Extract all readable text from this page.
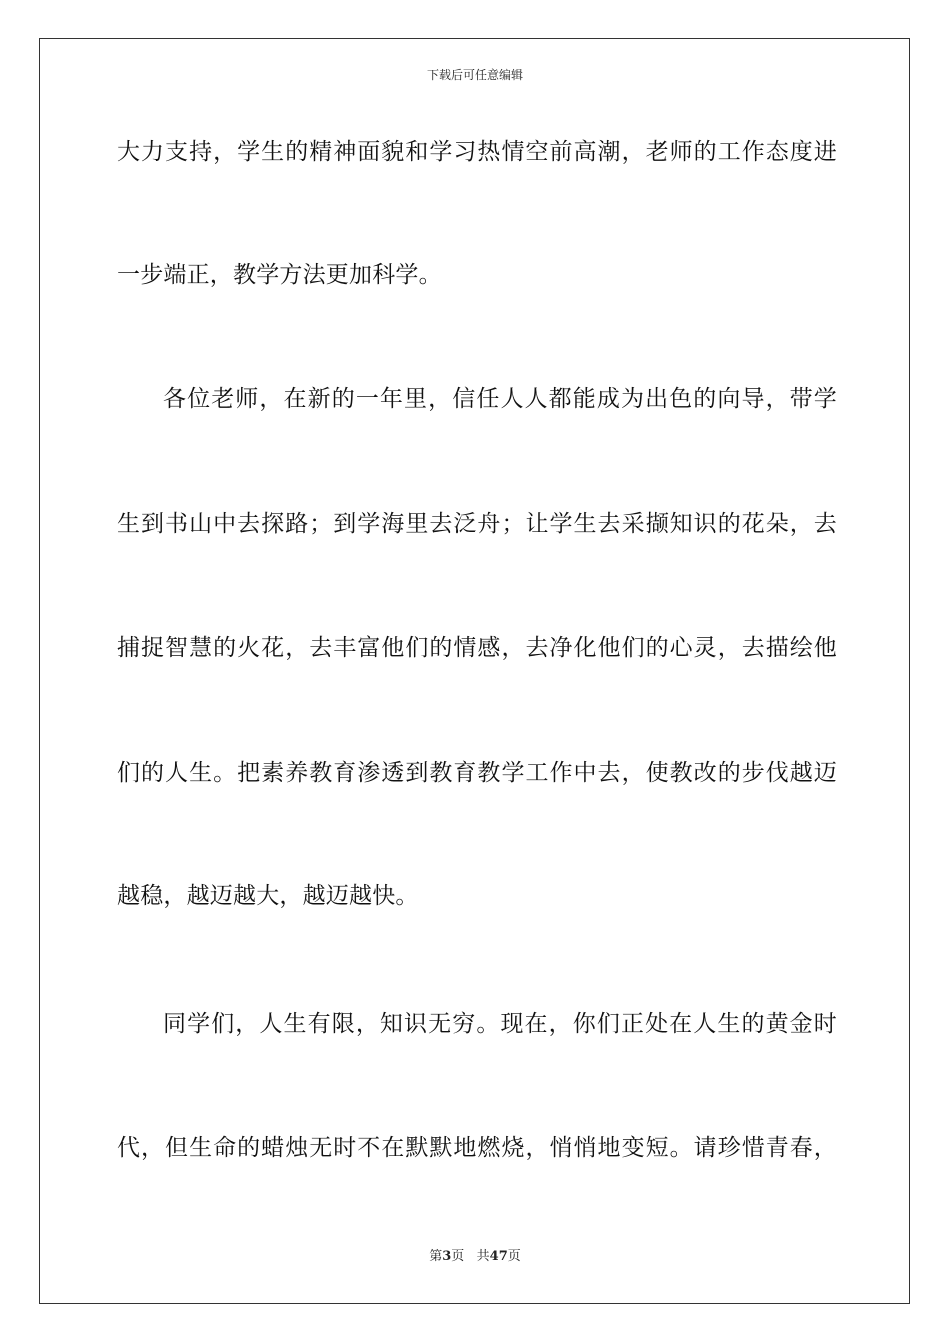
下载后可任意编辑
大力支持，学生的精神面貌和学习热情空前高潮，老师的工作态度进
一步端正，教学方法更加科学。
各位老师，在新的一年里，信任人人都能成为出色的向导，带学
生到书山中去探路；到学海里去泛舟；让学生去采撷知识的花朵，去
捕捉智慧的火花，去丰富他们的情感，去净化他们的心灵，去描绘他
们的人生。把素养教育渗透到教育教学工作中去，使教改的步伐越迈
越稳，越迈越大，越迈越快。
同学们，人生有限，知识无穷。现在，你们正处在人生的黄金时
代，但生命的蜡烛无时不在默默地燃烧，悄悄地变短。请珍惜青春，
第3页   共47页
